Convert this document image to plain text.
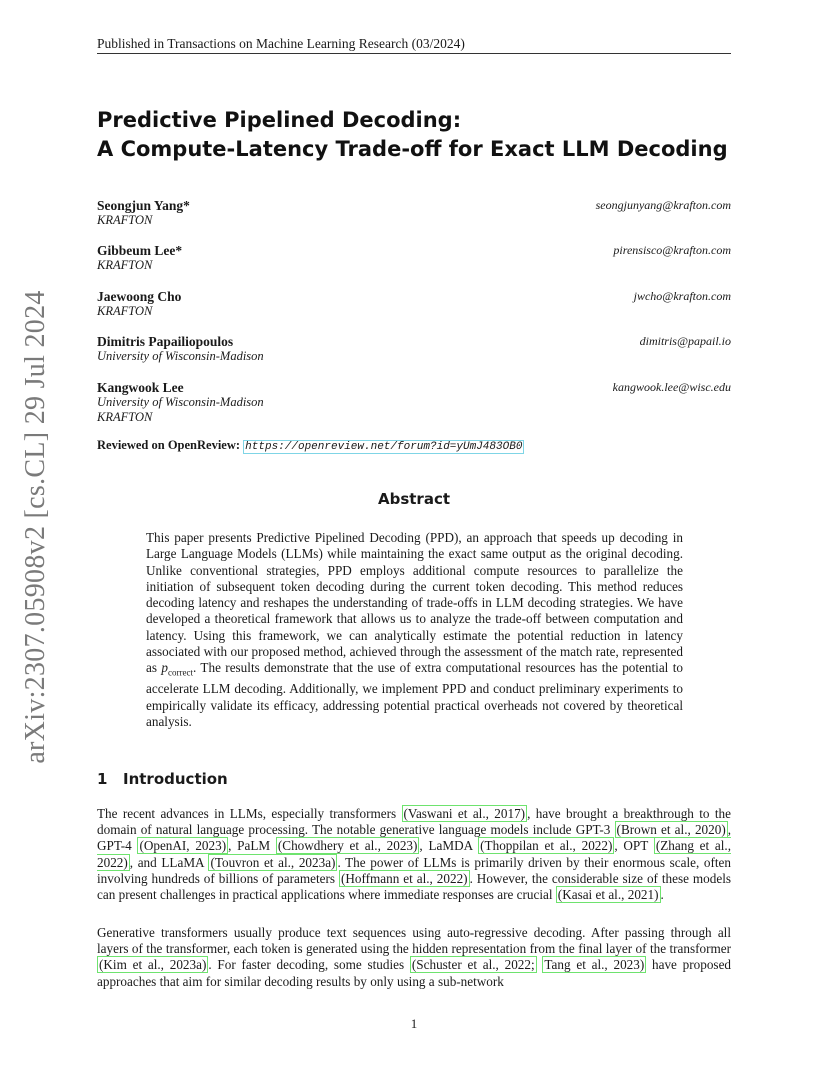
Published in Transactions on Machine Learning Research (03/2024)
arXiv:2307.05908v2 [cs.CL] 29 Jul 2024
Predictive Pipelined Decoding:
A Compute-Latency Trade-off for Exact LLM Decoding
Seongjun Yang*
KRAFTON
seongjunyang@krafton.com
Gibbeum Lee*
KRAFTON
pirensisco@krafton.com
Jaewoong Cho
KRAFTON
jwcho@krafton.com
Dimitris Papailiopoulos
University of Wisconsin-Madison
dimitris@papail.io
Kangwook Lee
University of Wisconsin-Madison
KRAFTON
kangwook.lee@wisc.edu
Reviewed on OpenReview: https://openreview.net/forum?id=yUmJ483OB0
Abstract
This paper presents Predictive Pipelined Decoding (PPD), an approach that speeds up decoding in Large Language Models (LLMs) while maintaining the exact same output as the original decoding. Unlike conventional strategies, PPD employs additional compute resources to parallelize the initiation of subsequent token decoding during the current token decoding. This method reduces decoding latency and reshapes the understanding of trade-offs in LLM decoding strategies. We have developed a theoretical framework that allows us to analyze the trade-off between computation and latency. Using this framework, we can analytically estimate the potential reduction in latency associated with our proposed method, achieved through the assessment of the match rate, represented as $p_{correct}$. The results demonstrate that the use of extra computational resources has the potential to accelerate LLM decoding. Additionally, we implement PPD and conduct preliminary experiments to empirically validate its efficacy, addressing potential practical overheads not covered by theoretical analysis.
1 Introduction
The recent advances in LLMs, especially transformers (Vaswani et al., 2017) , have brought a breakthrough to the domain of natural language processing. The notable generative language models include GPT-3 (Brown et al., 2020) , GPT-4 (OpenAI, 2023) , PaLM (Chowdhery et al., 2023) , LaMDA (Thoppilan et al., 2022) , OPT (Zhang et al., 2022) , and LLaMA (Touvron et al., 2023a) . The power of LLMs is primarily driven by their enormous scale, often involving hundreds of billions of parameters (Hoffmann et al., 2022) . However, the considerable size of these models can present challenges in practical applications where immediate responses are crucial (Kasai et al., 2021) .
Generative transformers usually produce text sequences using auto-regressive decoding. After passing through all layers of the transformer, each token is generated using the hidden representation from the final layer of the transformer (Kim et al., 2023a) . For faster decoding, some studies (Schuster et al., 2022; Tang et al., 2023) have proposed approaches that aim for similar decoding results by only using a sub-network
1
